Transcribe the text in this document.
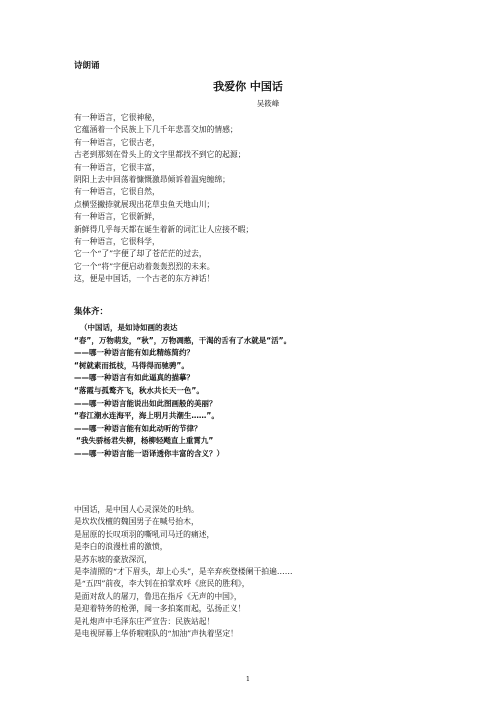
诗朗诵
我爱你 中国话
吴筱峰
有一种语言，它很神秘，
它蕴涵着一个民族上下几千年悲喜交加的情感；
有一种语言，它很古老，
古老到那刻在骨头上的文字里都找不到它的起源；
有一种语言，它很丰富，
阴阳上去中回荡着慷慨激昂倾诉着温宛缠绵；
有一种语言，它很自然，
点横竖撇捺就展现出花草虫鱼天地山川；
有一种语言，它很新鲜，
新鲜得几乎每天都在诞生着新的词汇让人应接不暇；
有一种语言，它很科学，
它一个“了”字便了却了苍茫茫的过去，
它一个“将”字便启动着轰轰烈烈的未来。
这，便是中国话，一个古老的东方神话！
集体齐：
（中国话，是如诗如画的表达
“春”，万物萌发，“秋”，万物凋憨，干渴的舌有了水就是“活”。
——哪一种语言能有如此精练简约？
“树就素而抵枝，马得得而驰骋”。
——哪一种语言有如此逼真的描摹？
“落霞与孤鹜齐飞，秋水共长天一色”。
——哪一种语言能说出如此图画般的美丽？
“春江潮水连海平，海上明月共潮生……”。
——哪一种语言能有如此动听的节律？
“我失骄杨君失柳，杨柳轻飏直上重霄九”
——哪一种语言能一语译透你丰富的含义？）
中国话，是中国人心灵深处的吐纳。
是坎坎伐檀的魏国男子在喊号抬木，
是屈原的长叹项羽的嘶吼司马迁的痛述，
是李白的浪漫杜甫的激愤，
是苏东坡的豪放深沉，
是李清照的“才下眉头，却上心头”，是辛弃疾登楼阑干拍遍……
是“五四”前夜，李大钊在拍掌欢呼《庶民的胜利》，
是面对敌人的屠刀，鲁迅在指斥《无声的中国》，
是迎着特务的枪弹，闻一多拍案而起，弘扬正义！
是礼炮声中毛泽东庄严宣告：民族站起！
是电视屏幕上华侨啦啦队的“加油”声执着坚定！
1
